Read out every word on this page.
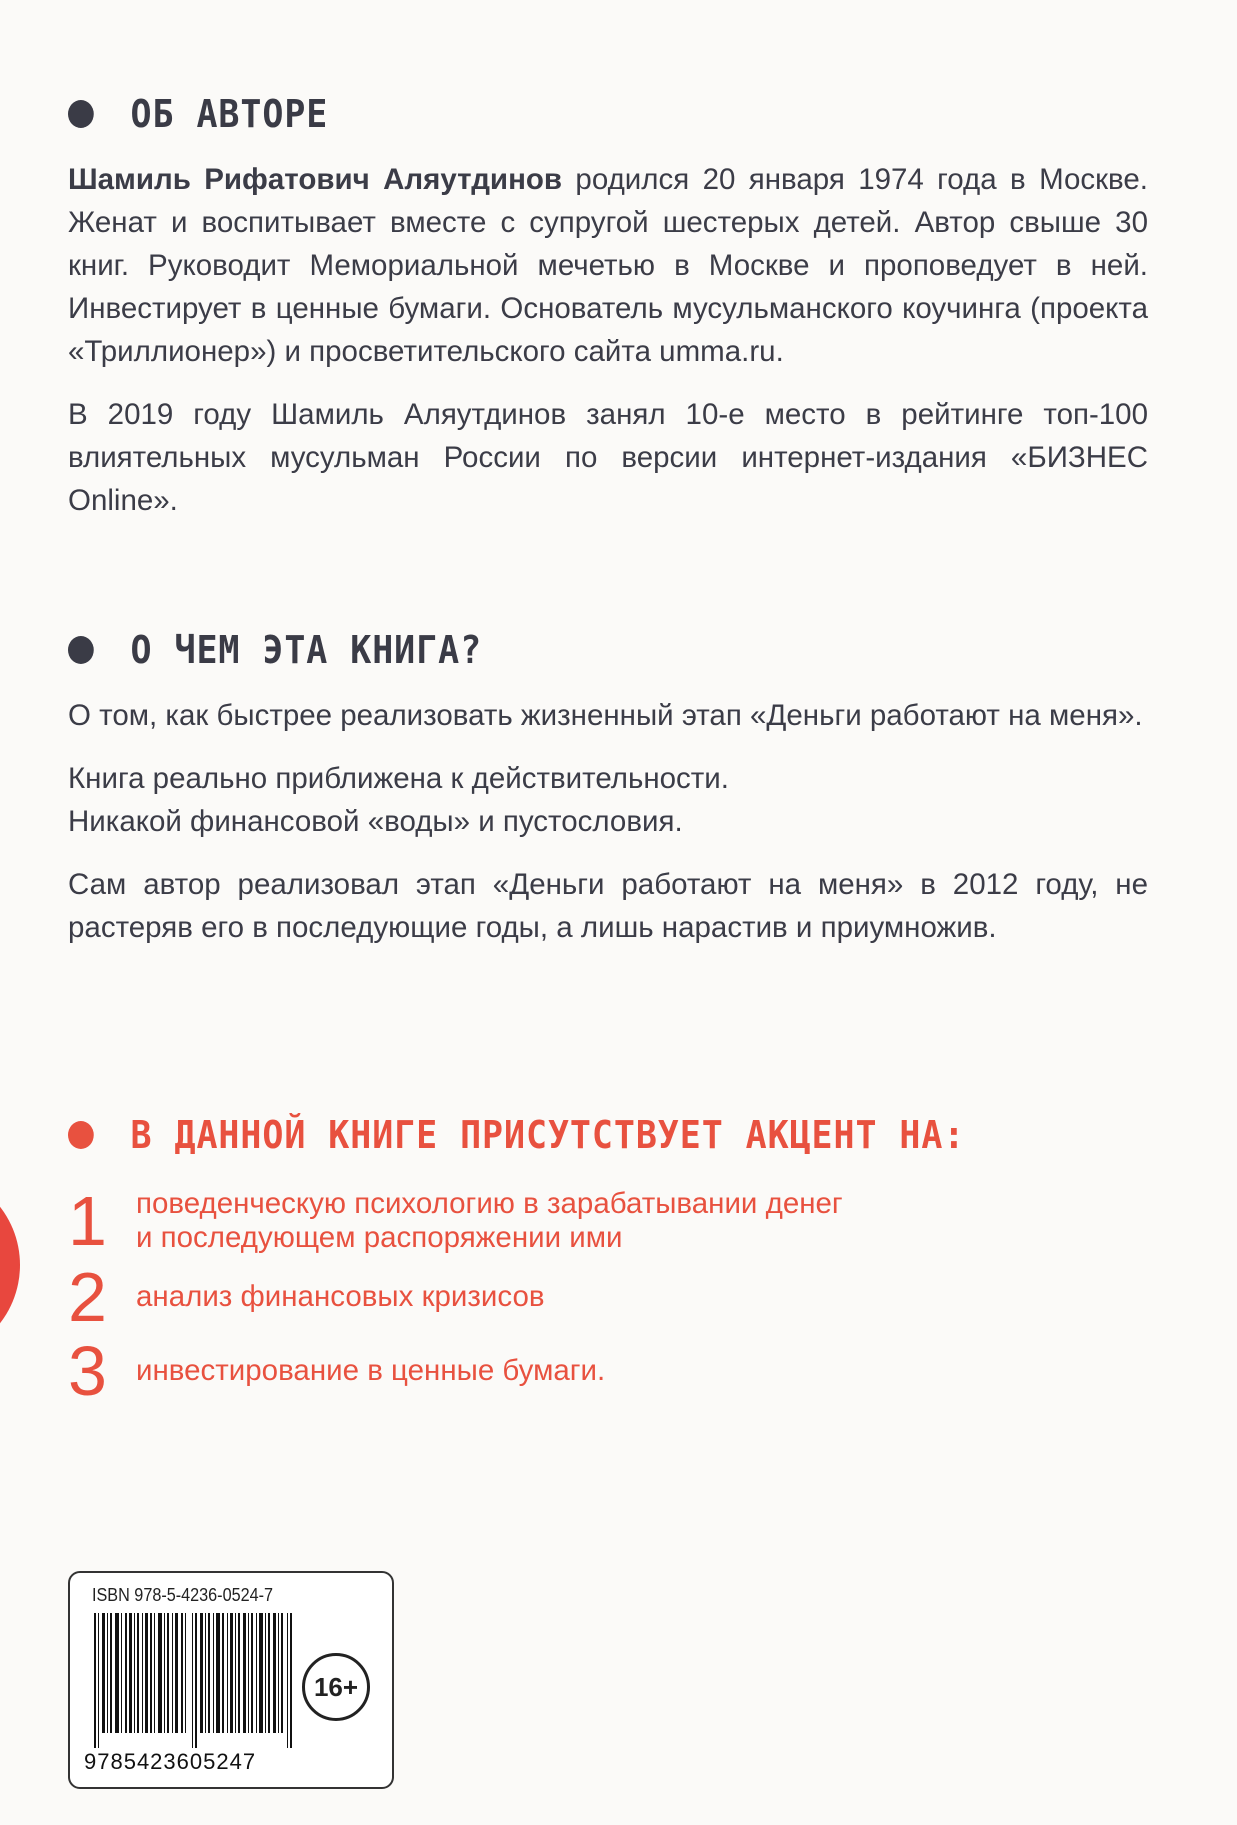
ОБ АВТОРЕ

Шамиль Рифатович Аляутдинов родился 20 января 1974 года в Москве. Женат и воспитывает вместе с супругой шестерых детей. Автор свыше 30 книг. Руководит Мемориальной мечетью в Москве и проповедует в ней. Инвестирует в ценные бумаги. Основатель мусульманского коучинга (проекта «Триллионер») и просветительского сайта umma.ru.

В 2019 году Шамиль Аляутдинов занял 10-е место в рейтинге топ-100 влиятельных мусульман России по версии интернет-издания «БИЗНЕС Online».

О ЧЕМ ЭТА КНИГА?

О том, как быстрее реализовать жизненный этап «Деньги работают на меня».

Книга реально приближена к действительности.
Никакой финансовой «воды» и пустословия.

Сам автор реализовал этап «Деньги работают на меня» в 2012 году, не растеряв его в последующие годы, а лишь нарастив и приумножив.

В ДАННОЙ КНИГЕ ПРИСУТСТВУЕТ АКЦЕНТ НА:
1 поведенческую психологию в зарабатывании денег
и последующем распоряжении ими
2 анализ финансовых кризисов
3 инвестирование в ценные бумаги.
ISBN 978-5-4236-0524-7
9785423605247
16+
